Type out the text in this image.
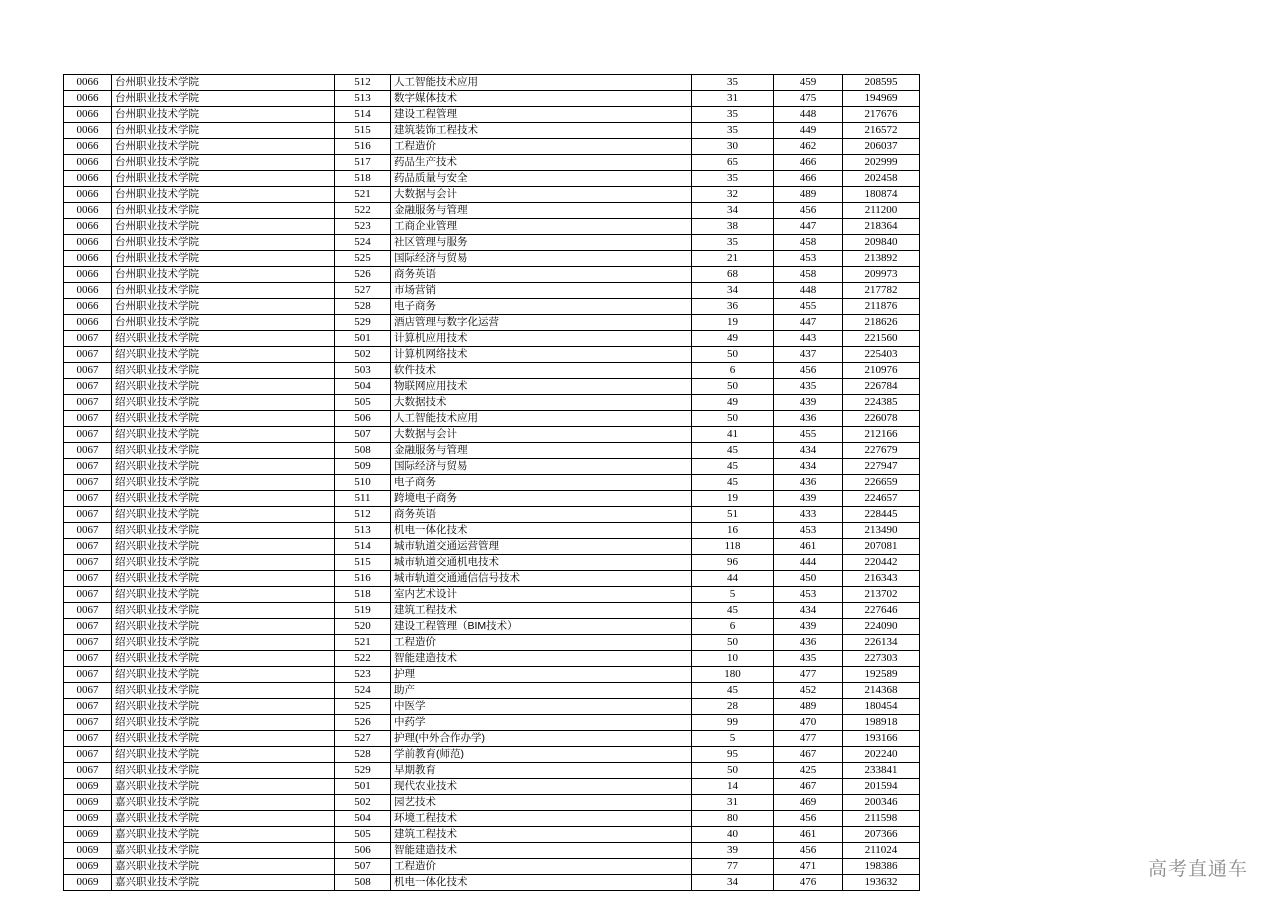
0066	台州职业技术学院	512	人工智能技术应用	35	459	208595
0066	台州职业技术学院	513	数字媒体技术	31	475	194969
0066	台州职业技术学院	514	建设工程管理	35	448	217676
0066	台州职业技术学院	515	建筑装饰工程技术	35	449	216572
0066	台州职业技术学院	516	工程造价	30	462	206037
0066	台州职业技术学院	517	药品生产技术	65	466	202999
0066	台州职业技术学院	518	药品质量与安全	35	466	202458
0066	台州职业技术学院	521	大数据与会计	32	489	180874
0066	台州职业技术学院	522	金融服务与管理	34	456	211200
0066	台州职业技术学院	523	工商企业管理	38	447	218364
0066	台州职业技术学院	524	社区管理与服务	35	458	209840
0066	台州职业技术学院	525	国际经济与贸易	21	453	213892
0066	台州职业技术学院	526	商务英语	68	458	209973
0066	台州职业技术学院	527	市场营销	34	448	217782
0066	台州职业技术学院	528	电子商务	36	455	211876
0066	台州职业技术学院	529	酒店管理与数字化运营	19	447	218626
0067	绍兴职业技术学院	501	计算机应用技术	49	443	221560
0067	绍兴职业技术学院	502	计算机网络技术	50	437	225403
0067	绍兴职业技术学院	503	软件技术	6	456	210976
0067	绍兴职业技术学院	504	物联网应用技术	50	435	226784
0067	绍兴职业技术学院	505	大数据技术	49	439	224385
0067	绍兴职业技术学院	506	人工智能技术应用	50	436	226078
0067	绍兴职业技术学院	507	大数据与会计	41	455	212166
0067	绍兴职业技术学院	508	金融服务与管理	45	434	227679
0067	绍兴职业技术学院	509	国际经济与贸易	45	434	227947
0067	绍兴职业技术学院	510	电子商务	45	436	226659
0067	绍兴职业技术学院	511	跨境电子商务	19	439	224657
0067	绍兴职业技术学院	512	商务英语	51	433	228445
0067	绍兴职业技术学院	513	机电一体化技术	16	453	213490
0067	绍兴职业技术学院	514	城市轨道交通运营管理	118	461	207081
0067	绍兴职业技术学院	515	城市轨道交通机电技术	96	444	220442
0067	绍兴职业技术学院	516	城市轨道交通通信信号技术	44	450	216343
0067	绍兴职业技术学院	518	室内艺术设计	5	453	213702
0067	绍兴职业技术学院	519	建筑工程技术	45	434	227646
0067	绍兴职业技术学院	520	建设工程管理（BIM技术）	6	439	224090
0067	绍兴职业技术学院	521	工程造价	50	436	226134
0067	绍兴职业技术学院	522	智能建造技术	10	435	227303
0067	绍兴职业技术学院	523	护理	180	477	192589
0067	绍兴职业技术学院	524	助产	45	452	214368
0067	绍兴职业技术学院	525	中医学	28	489	180454
0067	绍兴职业技术学院	526	中药学	99	470	198918
0067	绍兴职业技术学院	527	护理(中外合作办学)	5	477	193166
0067	绍兴职业技术学院	528	学前教育(师范)	95	467	202240
0067	绍兴职业技术学院	529	早期教育	50	425	233841
0069	嘉兴职业技术学院	501	现代农业技术	14	467	201594
0069	嘉兴职业技术学院	502	园艺技术	31	469	200346
0069	嘉兴职业技术学院	504	环境工程技术	80	456	211598
0069	嘉兴职业技术学院	505	建筑工程技术	40	461	207366
0069	嘉兴职业技术学院	506	智能建造技术	39	456	211024
0069	嘉兴职业技术学院	507	工程造价	77	471	198386
0069	嘉兴职业技术学院	508	机电一体化技术	34	476	193632
高考直通车
